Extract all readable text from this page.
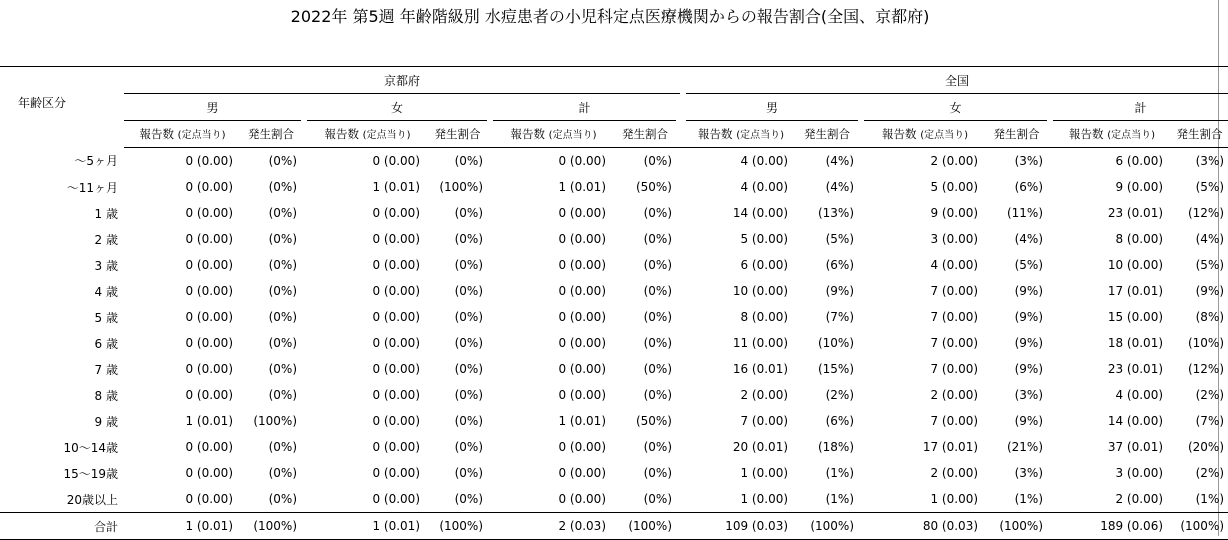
2022年 第5週 年齢階級別 水痘患者の小児科定点医療機関からの報告割合(全国、京都府)
	京都府										全国							
年齢区分	男			女			計				男			女			計	
	報告数 (定点当り)	発生割合		報告数 (定点当り)	発生割合		報告数 (定点当り)	発生割合			報告数 (定点当り)	発生割合		報告数 (定点当り)	発生割合		報告数 (定点当り)	発生割合
～5ヶ月	0 (0.00)	(0%)		0 (0.00)	(0%)		0 (0.00)	(0%)			4 (0.00)	(4%)		2 (0.00)	(3%)		6 (0.00)	(3%)
～11ヶ月	0 (0.00)	(0%)		1 (0.01)	(100%)		1 (0.01)	(50%)			4 (0.00)	(4%)		5 (0.00)	(6%)		9 (0.00)	(5%)
1 歳	0 (0.00)	(0%)		0 (0.00)	(0%)		0 (0.00)	(0%)			14 (0.00)	(13%)		9 (0.00)	(11%)		23 (0.01)	(12%)
2 歳	0 (0.00)	(0%)		0 (0.00)	(0%)		0 (0.00)	(0%)			5 (0.00)	(5%)		3 (0.00)	(4%)		8 (0.00)	(4%)
3 歳	0 (0.00)	(0%)		0 (0.00)	(0%)		0 (0.00)	(0%)			6 (0.00)	(6%)		4 (0.00)	(5%)		10 (0.00)	(5%)
4 歳	0 (0.00)	(0%)		0 (0.00)	(0%)		0 (0.00)	(0%)			10 (0.00)	(9%)		7 (0.00)	(9%)		17 (0.01)	(9%)
5 歳	0 (0.00)	(0%)		0 (0.00)	(0%)		0 (0.00)	(0%)			8 (0.00)	(7%)		7 (0.00)	(9%)		15 (0.00)	(8%)
6 歳	0 (0.00)	(0%)		0 (0.00)	(0%)		0 (0.00)	(0%)			11 (0.00)	(10%)		7 (0.00)	(9%)		18 (0.01)	(10%)
7 歳	0 (0.00)	(0%)		0 (0.00)	(0%)		0 (0.00)	(0%)			16 (0.01)	(15%)		7 (0.00)	(9%)		23 (0.01)	(12%)
8 歳	0 (0.00)	(0%)		0 (0.00)	(0%)		0 (0.00)	(0%)			2 (0.00)	(2%)		2 (0.00)	(3%)		4 (0.00)	(2%)
9 歳	1 (0.01)	(100%)		0 (0.00)	(0%)		1 (0.01)	(50%)			7 (0.00)	(6%)		7 (0.00)	(9%)		14 (0.00)	(7%)
10～14歳	0 (0.00)	(0%)		0 (0.00)	(0%)		0 (0.00)	(0%)			20 (0.01)	(18%)		17 (0.01)	(21%)		37 (0.01)	(20%)
15～19歳	0 (0.00)	(0%)		0 (0.00)	(0%)		0 (0.00)	(0%)			1 (0.00)	(1%)		2 (0.00)	(3%)		3 (0.00)	(2%)
20歳以上	0 (0.00)	(0%)		0 (0.00)	(0%)		0 (0.00)	(0%)			1 (0.00)	(1%)		1 (0.00)	(1%)		2 (0.00)	(1%)
合計	1 (0.01)	(100%)		1 (0.01)	(100%)		2 (0.03)	(100%)			109 (0.03)	(100%)		80 (0.03)	(100%)		189 (0.06)	(100%)
